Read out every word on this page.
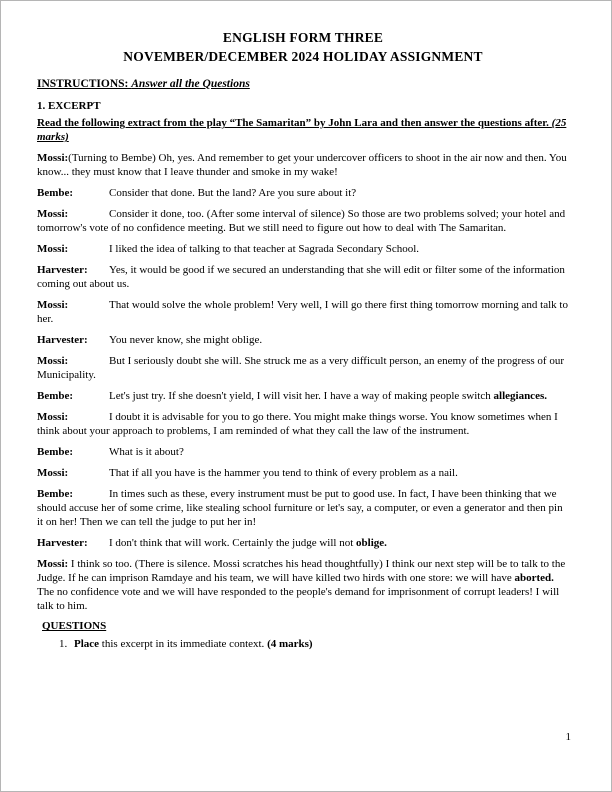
ENGLISH FORM THREE
NOVEMBER/DECEMBER 2024 HOLIDAY ASSIGNMENT

INSTRUCTIONS: Answer all the Questions

1. EXCERPT

Read the following extract from the play “The Samaritan” by John Lara and then answer the questions after. (25 marks)

Mossi:(Turning to Bembe) Oh, yes. And remember to get your undercover officers to shoot in the air now and then. You know... they must know that I leave thunder and smoke in my wake!

Bembe:	Consider that done. But the land? Are you sure about it?

Mossi:	Consider it done, too. (After some interval of silence) So those are two problems solved; your hotel and tomorrow's vote of no confidence meeting. But we still need to figure out how to deal with The Samaritan.

Mossi:	I liked the idea of talking to that teacher at Sagrada Secondary School.

Harvester: Yes, it would be good if we secured an understanding that she will edit or filter some of the information coming out about us.

Mossi:	That would solve the whole problem! Very well, I will go there first thing tomorrow morning and talk to her.

Harvester: You never know, she might oblige.

Mossi:	But I seriously doubt she will. She struck me as a very difficult person, an enemy of the progress of our Municipality.

Bembe:	Let's just try. If she doesn't yield, I will visit her. I have a way of making people switch allegiances.

Mossi:	I doubt it is advisable for you to go there. You might make things worse. You know sometimes when I think about your approach to problems, I am reminded of what they call the law of the instrument.

Bembe:	What is it about?

Mossi:	That if all you have is the hammer you tend to think of every problem as a nail.

Bembe:	In times such as these, every instrument must be put to good use. In fact, I have been thinking that we should accuse her of some crime, like stealing school furniture or let's say, a computer, or even a generator and then pin it on her! Then we can tell the judge to put her in!

Harvester: I don't think that will work. Certainly the judge will not oblige.

Mossi: I think so too. (There is silence. Mossi scratches his head thoughtfully) I think our next step will be to talk to the Judge. If he can imprison Ramdaye and his team, we will have killed two hirds with one store: we will have aborted. The no confidence vote and we will have responded to the people's demand for imprisonment of corrupt leaders! I will talk to him.

QUESTIONS

1. Place this excerpt in its immediate context. (4 marks)

1
